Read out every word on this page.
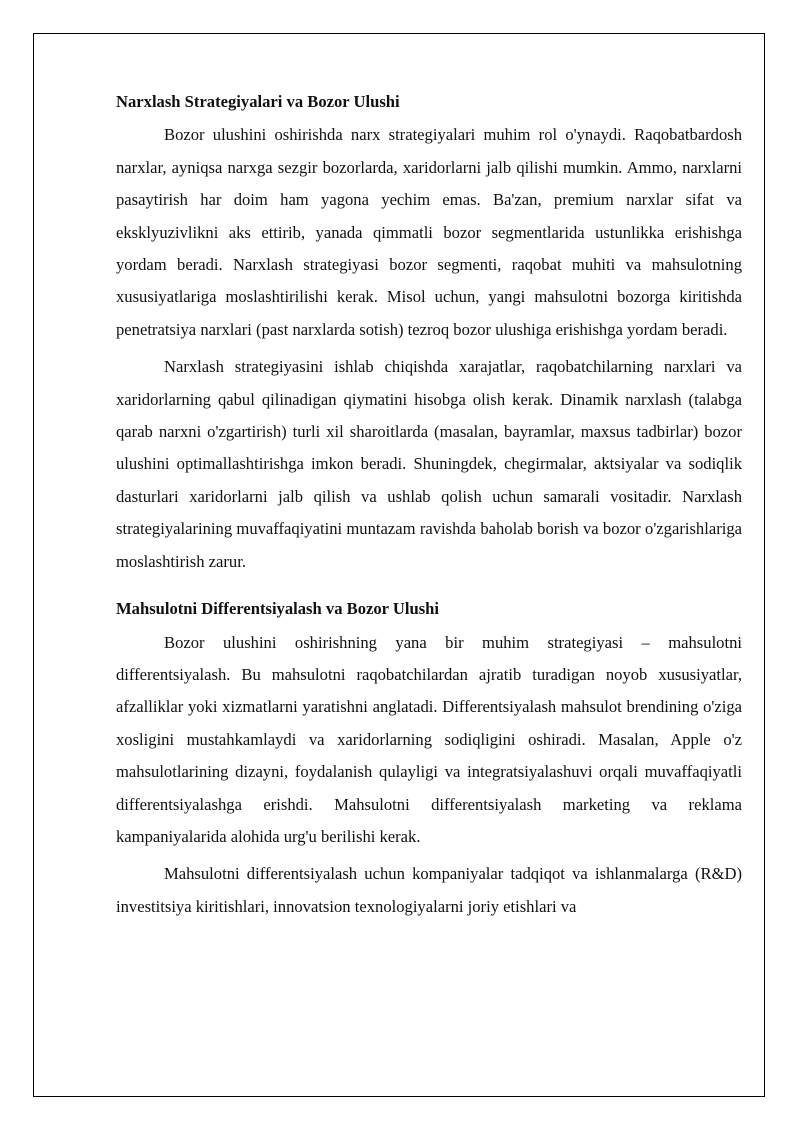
Narxlash Strategiyalari va Bozor Ulushi

Bozor ulushini oshirishda narx strategiyalari muhim rol o'ynaydi. Raqobatbardosh narxlar, ayniqsa narxga sezgir bozorlarda, xaridorlarni jalb qilishi mumkin. Ammo, narxlarni pasaytirish har doim ham yagona yechim emas. Ba'zan, premium narxlar sifat va eksklyuzivlikni aks ettirib, yanada qimmatli bozor segmentlarida ustunlikka erishishga yordam beradi. Narxlash strategiyasi bozor segmenti, raqobat muhiti va mahsulotning xususiyatlariga moslashtirilishi kerak. Misol uchun, yangi mahsulotni bozorga kiritishda penetratsiya narxlari (past narxlarda sotish) tezroq bozor ulushiga erishishga yordam beradi.

Narxlash strategiyasini ishlab chiqishda xarajatlar, raqobatchilarning narxlari va xaridorlarning qabul qilinadigan qiymatini hisobga olish kerak. Dinamik narxlash (talabga qarab narxni o'zgartirish) turli xil sharoitlarda (masalan, bayramlar, maxsus tadbirlar) bozor ulushini optimallashtirishga imkon beradi. Shuningdek, chegirmalar, aktsiyalar va sodiqlik dasturlari xaridorlarni jalb qilish va ushlab qolish uchun samarali vositadir. Narxlash strategiyalarining muvaffaqiyatini muntazam ravishda baholab borish va bozor o'zgarishlariga moslashtirish zarur.

Mahsulotni Differentsiyalash va Bozor Ulushi

Bozor ulushini oshirishning yana bir muhim strategiyasi – mahsulotni differentsiyalash. Bu mahsulotni raqobatchilardan ajratib turadigan noyob xususiyatlar, afzalliklar yoki xizmatlarni yaratishni anglatadi. Differentsiyalash mahsulot brendining o'ziga xosligini mustahkamlaydi va xaridorlarning sodiqligini oshiradi. Masalan, Apple o'z mahsulotlarining dizayni, foydalanish qulayligi va integratsiyalashuvi orqali muvaffaqiyatli differentsiyalashga erishdi. Mahsulotni differentsiyalash marketing va reklama kampaniyalarida alohida urg'u berilishi kerak.

Mahsulotni differentsiyalash uchun kompaniyalar tadqiqot va ishlanmalarga (R&D) investitsiya kiritishlari, innovatsion texnologiyalarni joriy etishlari va
